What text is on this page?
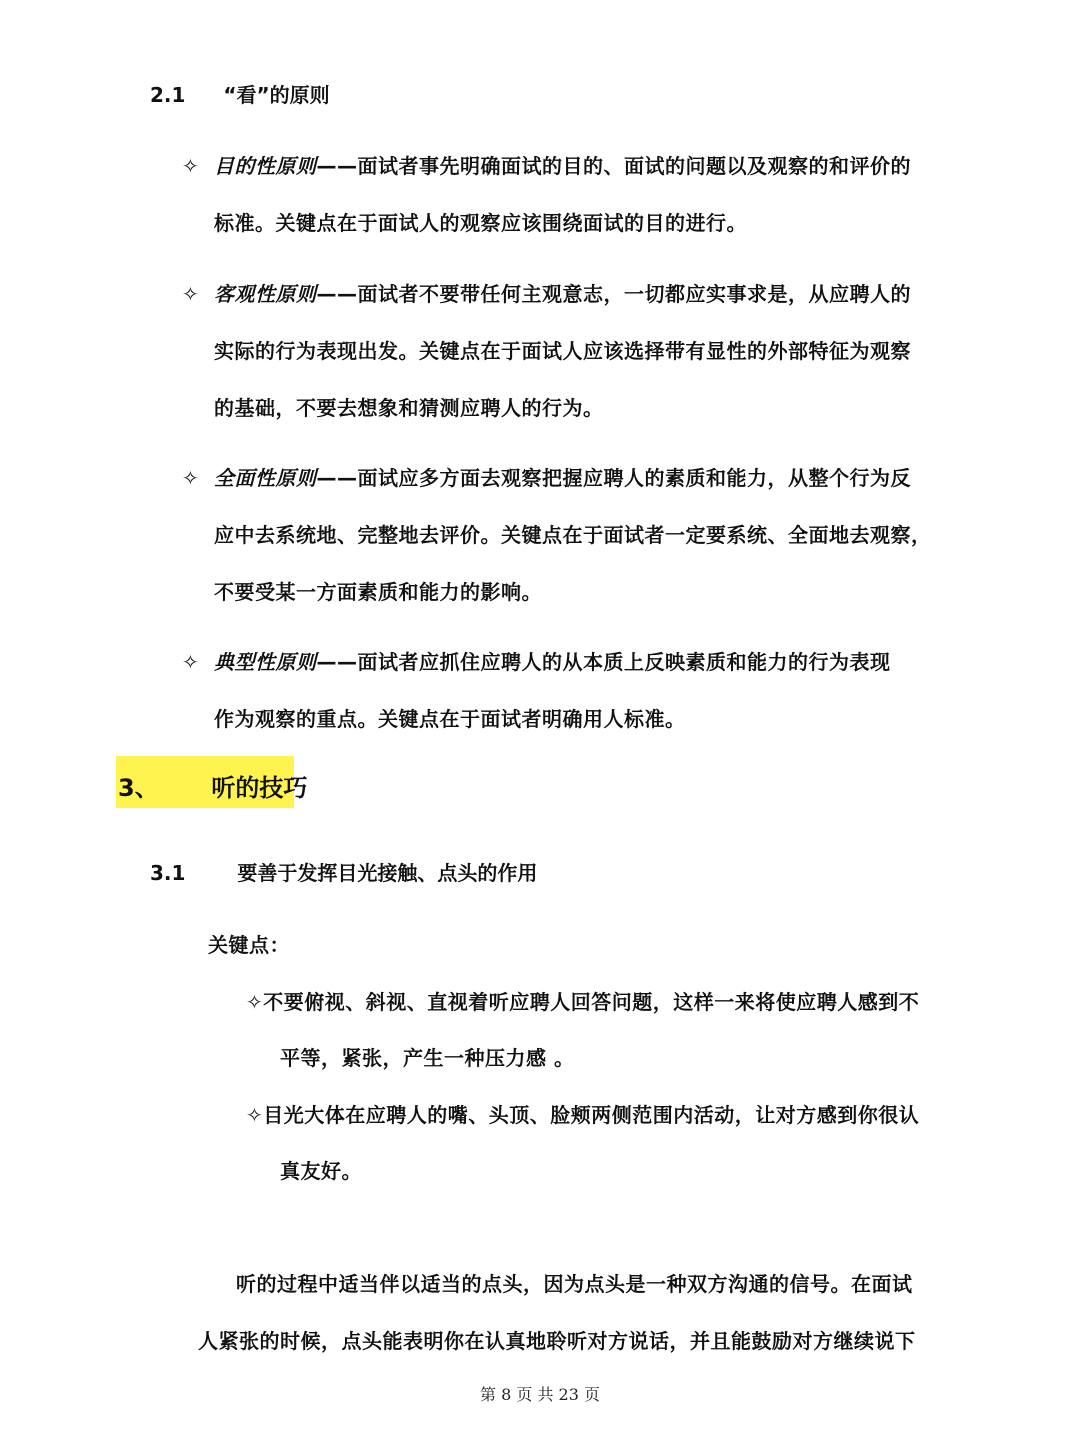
2.1 “看”的原则
✧ 目的性原则——面试者事先明确面试的目的、面试的问题以及观察的和评价的
标准。关键点在于面试人的观察应该围绕面试的目的进行。
✧ 客观性原则——面试者不要带任何主观意志，一切都应实事求是，从应聘人的
实际的行为表现出发。关键点在于面试人应该选择带有显性的外部特征为观察
的基础，不要去想象和猜测应聘人的行为。
✧ 全面性原则——面试应多方面去观察把握应聘人的素质和能力，从整个行为反
应中去系统地、完整地去评价。关键点在于面试者一定要系统、全面地去观察，
不要受某一方面素质和能力的影响。
✧ 典型性原则——面试者应抓住应聘人的从本质上反映素质和能力的行为表现
作为观察的重点。关键点在于面试者明确用人标准。
3、 听的技巧
3.1	要善于发挥目光接触、点头的作用
关键点：
✧不要俯视、斜视、直视着听应聘人回答问题，这样一来将使应聘人感到不
平等，紧张，产生一种压力感 。
✧目光大体在应聘人的嘴、头顶、脸颊两侧范围内活动，让对方感到你很认
真友好。
听的过程中适当伴以适当的点头，因为点头是一种双方沟通的信号。在面试
人紧张的时候，点头能表明你在认真地聆听对方说话，并且能鼓励对方继续说下
第 8 页 共 23 页
